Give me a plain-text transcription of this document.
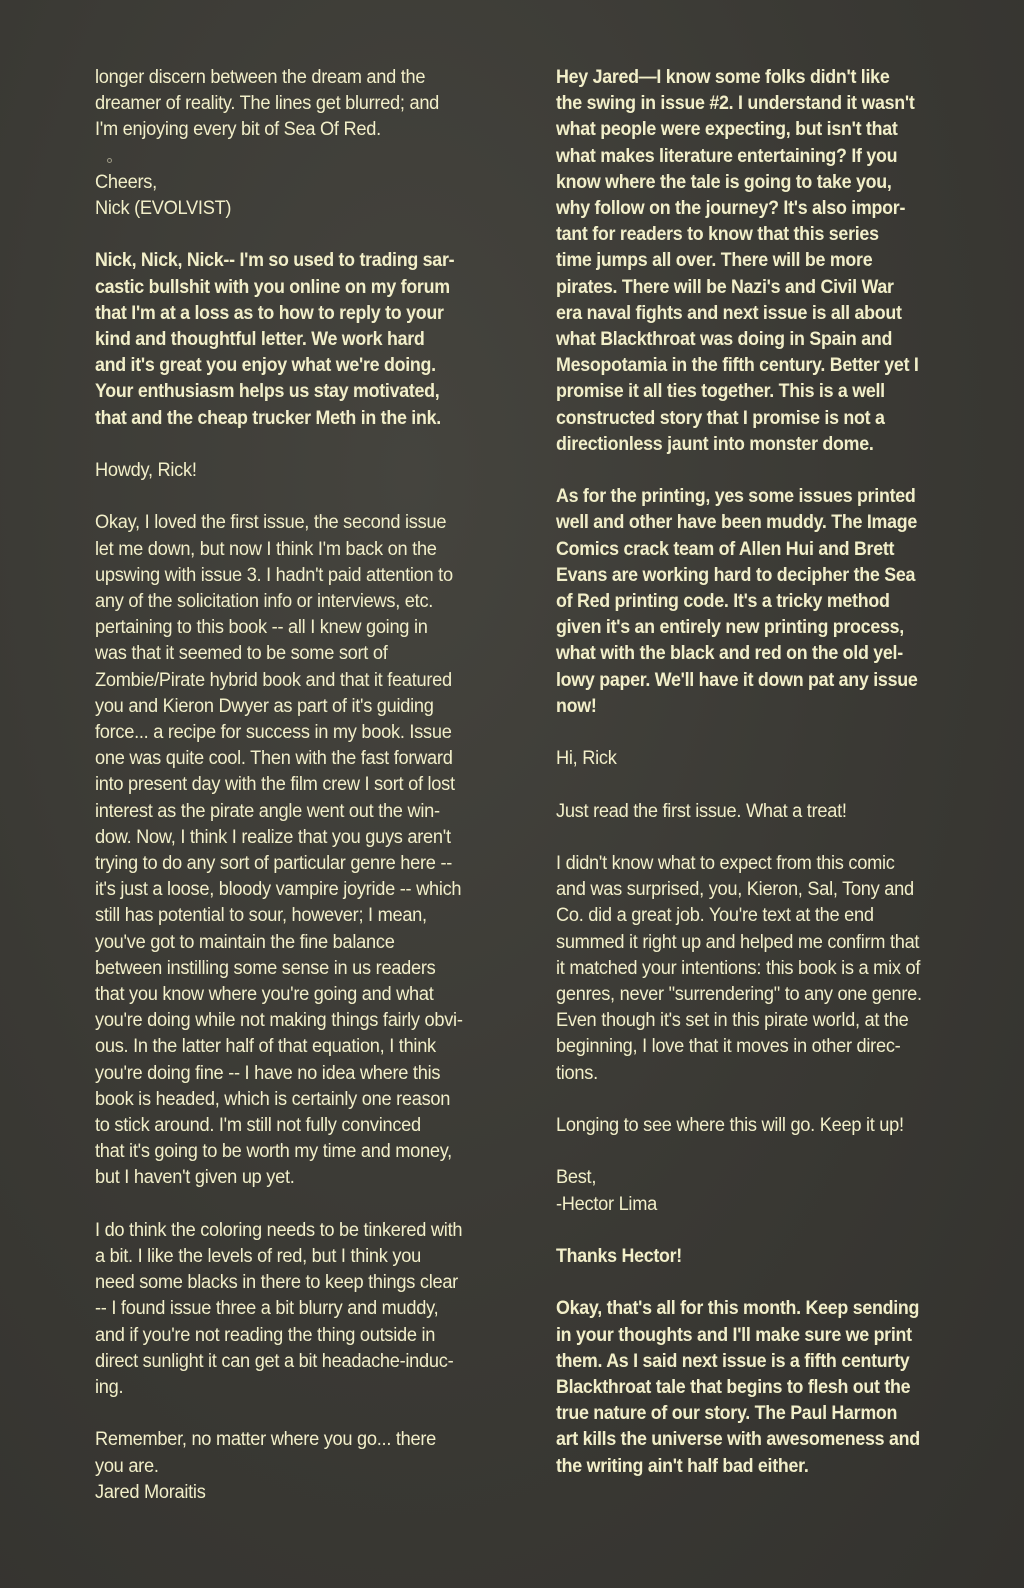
longer discern between the dream and the
dreamer of reality. The lines get blurred; and
I'm enjoying every bit of Sea Of Red.

Cheers,
Nick (EVOLVIST)

Nick, Nick, Nick-- I'm so used to trading sar-
castic bullshit with you online on my forum
that I'm at a loss as to how to reply to your
kind and thoughtful letter. We work hard
and it's great you enjoy what we're doing.
Your enthusiasm helps us stay motivated,
that and the cheap trucker Meth in the ink.

Howdy, Rick!

Okay, I loved the first issue, the second issue
let me down, but now I think I'm back on the
upswing with issue 3. I hadn't paid attention to
any of the solicitation info or interviews, etc.
pertaining to this book -- all I knew going in
was that it seemed to be some sort of
Zombie/Pirate hybrid book and that it featured
you and Kieron Dwyer as part of it's guiding
force... a recipe for success in my book. Issue
one was quite cool. Then with the fast forward
into present day with the film crew I sort of lost
interest as the pirate angle went out the win-
dow. Now, I think I realize that you guys aren't
trying to do any sort of particular genre here --
it's just a loose, bloody vampire joyride -- which
still has potential to sour, however; I mean,
you've got to maintain the fine balance
between instilling some sense in us readers
that you know where you're going and what
you're doing while not making things fairly obvi-
ous. In the latter half of that equation, I think
you're doing fine -- I have no idea where this
book is headed, which is certainly one reason
to stick around. I'm still not fully convinced
that it's going to be worth my time and money,
but I haven't given up yet.

I do think the coloring needs to be tinkered with
a bit. I like the levels of red, but I think you
need some blacks in there to keep things clear
-- I found issue three a bit blurry and muddy,
and if you're not reading the thing outside in
direct sunlight it can get a bit headache-induc-
ing.

Remember, no matter where you go... there
you are.
Jared Moraitis

Hey Jared—I know some folks didn't like
the swing in issue #2. I understand it wasn't
what people were expecting, but isn't that
what makes literature entertaining? If you
know where the tale is going to take you,
why follow on the journey? It's also impor-
tant for readers to know that this series
time jumps all over. There will be more
pirates. There will be Nazi's and Civil War
era naval fights and next issue is all about
what Blackthroat was doing in Spain and
Mesopotamia in the fifth century. Better yet I
promise it all ties together. This is a well
constructed story that I promise is not a
directionless jaunt into monster dome.

As for the printing, yes some issues printed
well and other have been muddy. The Image
Comics crack team of Allen Hui and Brett
Evans are working hard to decipher the Sea
of Red printing code. It's a tricky method
given it's an entirely new printing process,
what with the black and red on the old yel-
lowy paper. We'll have it down pat any issue
now!

Hi, Rick

Just read the first issue. What a treat!

I didn't know what to expect from this comic
and was surprised, you, Kieron, Sal, Tony and
Co. did a great job. You're text at the end
summed it right up and helped me confirm that
it matched your intentions: this book is a mix of
genres, never "surrendering" to any one genre.
Even though it's set in this pirate world, at the
beginning, I love that it moves in other direc-
tions.

Longing to see where this will go. Keep it up!

Best,
-Hector Lima

Thanks Hector!

Okay, that's all for this month. Keep sending
in your thoughts and I'll make sure we print
them. As I said next issue is a fifth centurty
Blackthroat tale that begins to flesh out the
true nature of our story. The Paul Harmon
art kills the universe with awesomeness and
the writing ain't half bad either.
